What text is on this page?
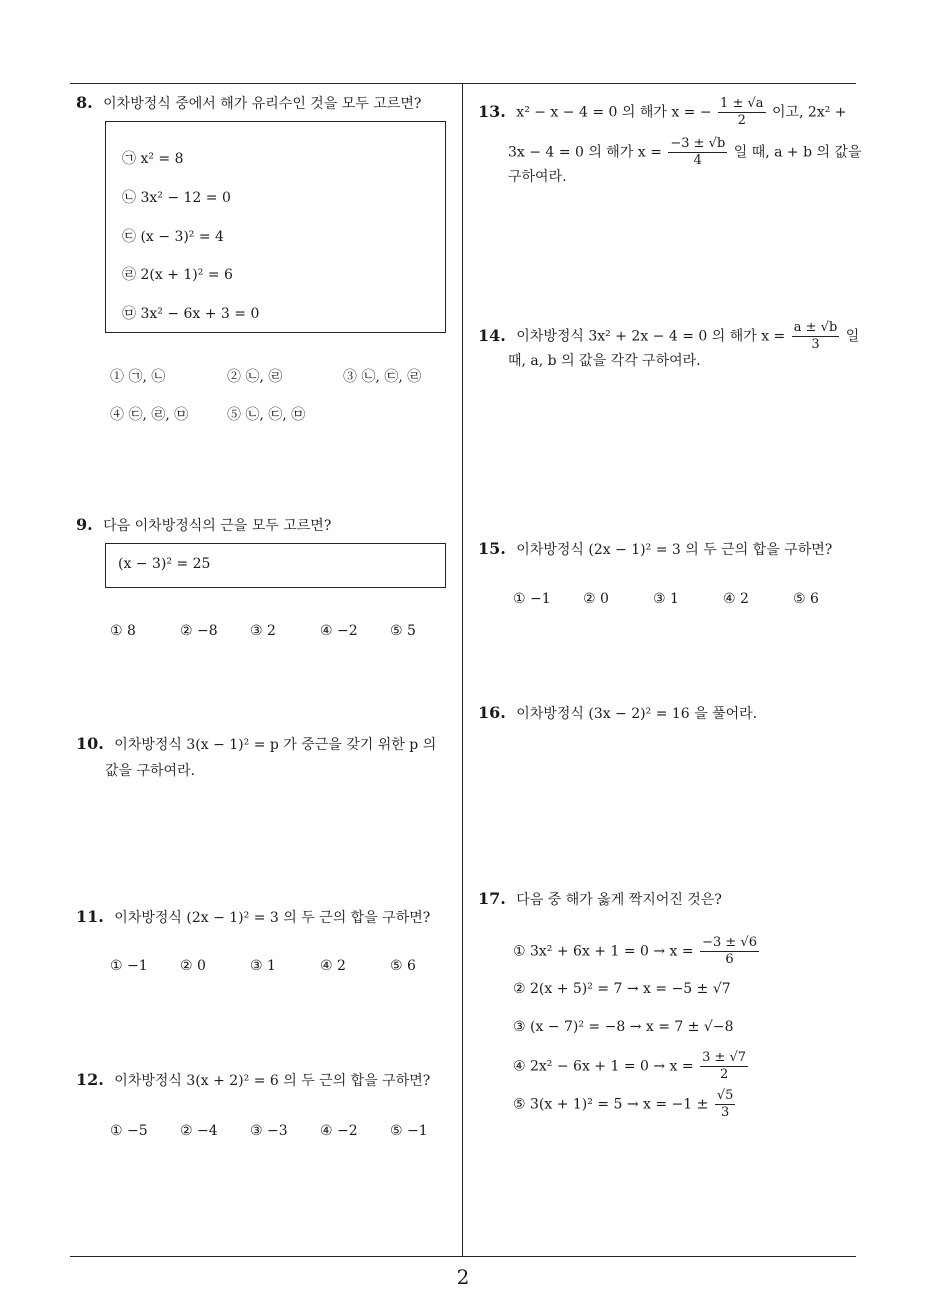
8. 이차방정식 중에서 해가 유리수인 것을 모두 고르면?
㉠ x² = 8
㉡ 3x² − 12 = 0
㉢ (x − 3)² = 4
㉣ 2(x + 1)² = 6
㉤ 3x² − 6x + 3 = 0
① ㉠, ㉡	② ㉡, ㉣	③ ㉡, ㉢, ㉣
④ ㉢, ㉣, ㉤	⑤ ㉡, ㉢, ㉤
9. 다음 이차방정식의 근을 모두 고르면?
(x − 3)² = 25
① 8	② −8 ③ 2	④ −2 ⑤ 5
10. 이차방정식 3(x − 1)² = p 가 중근을 갖기 위한 p 의
값을 구하여라.
11. 이차방정식 (2x − 1)² = 3 의 두 근의 합을 구하면?
① −1 ② 0	③ 1	④ 2	⑤ 6
12. 이차방정식 3(x + 2)² = 6 의 두 근의 합을 구하면?
① −5 ② −4 ③ −3 ④ −2 ⑤ −1
13. x² − x − 4 = 0 의 해가 x = − $\frac{1 \pm √a}{2}$ 이고, 2x² +
3x − 4 = 0 의 해가 $x = \frac{-3 \pm √b}{4}$ 일 때, a + b 의 값을
구하여라.
14. 이차방정식 3x² + 2x − 4 = 0 의 해가 $x = \frac{a \pm √b}{3}$ 일
때, a, b 의 값을 각각 구하여라.
15. 이차방정식 (2x − 1)² = 3 의 두 근의 합을 구하면?
① −1 ② 0	③ 1	④ 2	⑤ 6
16. 이차방정식 (3x − 2)² = 16 을 풀어라.
17. 다음 중 해가 옳게 짝지어진 것은?
① $3x^2 + 6x + 1 = 0 \to x = \frac{-3 \pm √6}{6}$
② 2(x + 5)² = 7 → x = −5 ± √7
③ (x − 7)² = −8 → x = 7 ± √−8
④ $2x^2 - 6x + 1 = 0 \to x = \frac{3 \pm √7}{2}$
⑤ $3(x + 1)^2 = 5 \to x = -1 \pm \frac{√5}{3}$
2
